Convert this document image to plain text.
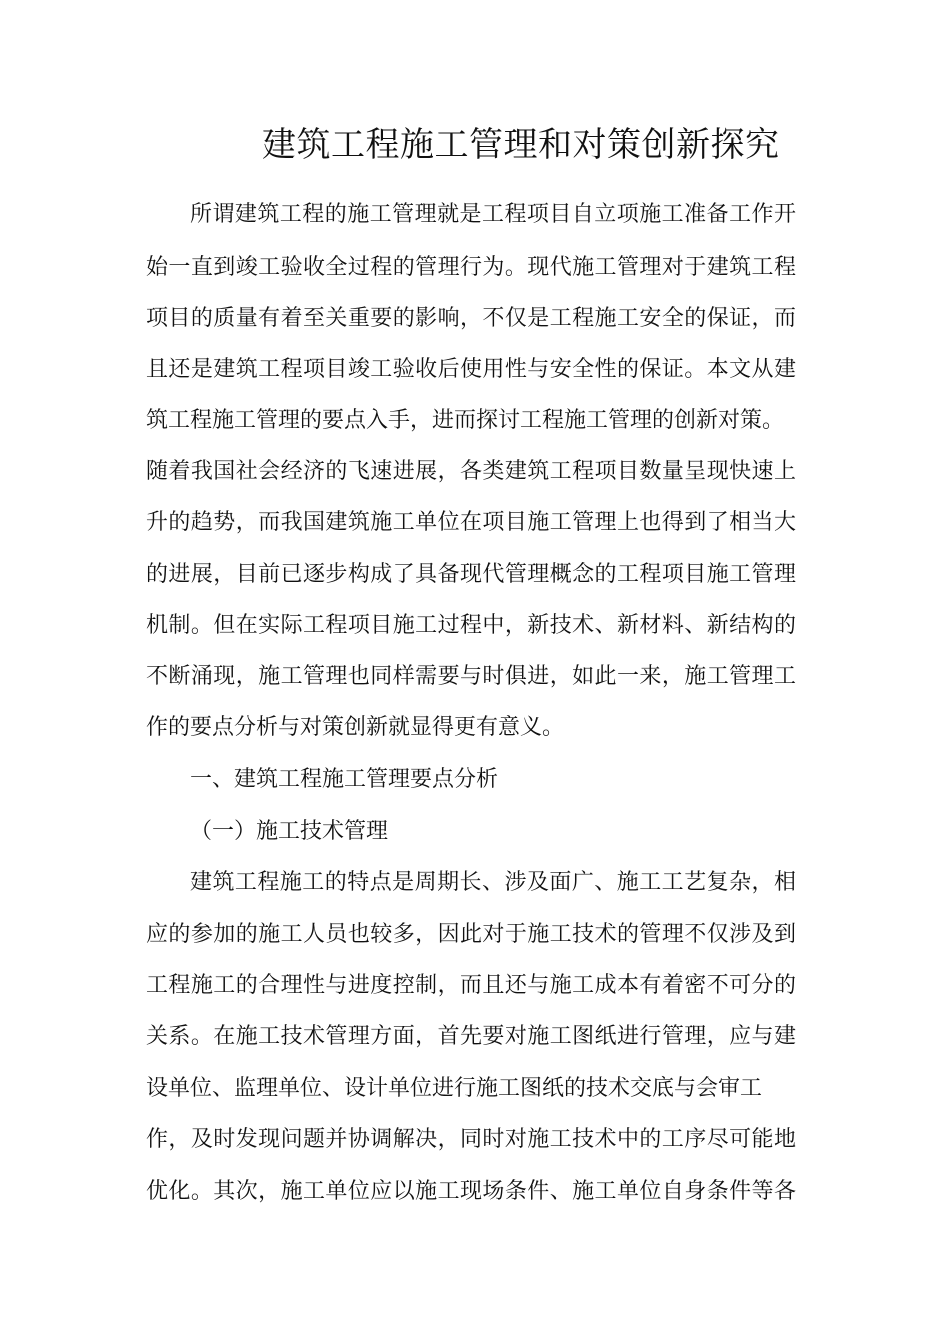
建筑工程施工管理和对策创新探究
所谓建筑工程的施工管理就是工程项目自立项施工准备工作开
始一直到竣工验收全过程的管理行为。现代施工管理对于建筑工程
项目的质量有着至关重要的影响，不仅是工程施工安全的保证，而
且还是建筑工程项目竣工验收后使用性与安全性的保证。本文从建
筑工程施工管理的要点入手，进而探讨工程施工管理的创新对策。
随着我国社会经济的飞速进展，各类建筑工程项目数量呈现快速上
升的趋势，而我国建筑施工单位在项目施工管理上也得到了相当大
的进展，目前已逐步构成了具备现代管理概念的工程项目施工管理
机制。但在实际工程项目施工过程中，新技术、新材料、新结构的
不断涌现，施工管理也同样需要与时俱进，如此一来，施工管理工
作的要点分析与对策创新就显得更有意义。
一、建筑工程施工管理要点分析
（一）施工技术管理
建筑工程施工的特点是周期长、涉及面广、施工工艺复杂，相
应的参加的施工人员也较多，因此对于施工技术的管理不仅涉及到
工程施工的合理性与进度控制，而且还与施工成本有着密不可分的
关系。在施工技术管理方面，首先要对施工图纸进行管理，应与建
设单位、监理单位、设计单位进行施工图纸的技术交底与会审工
作，及时发现问题并协调解决，同时对施工技术中的工序尽可能地
优化。其次，施工单位应以施工现场条件、施工单位自身条件等各
